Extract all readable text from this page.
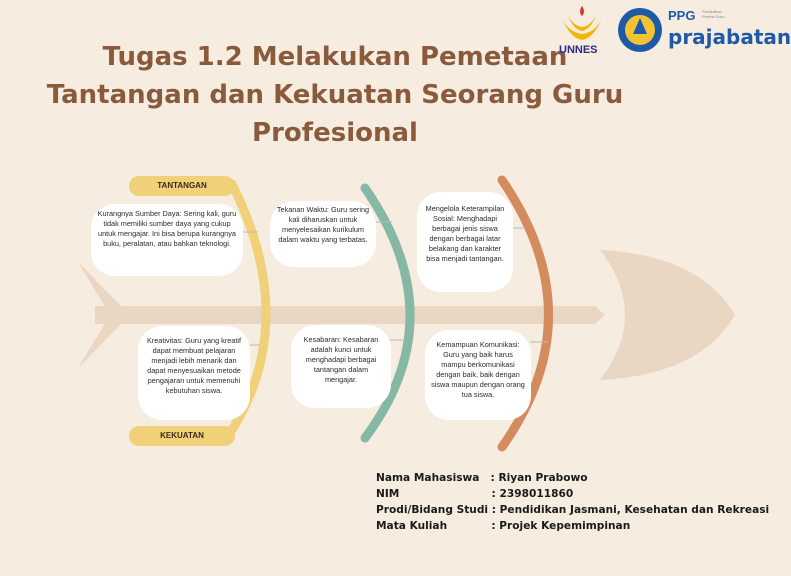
Tugas 1.2 Melakukan Pemetaan
Tantangan dan Kekuatan Seorang Guru
Profesional
UNNES
PPG Pendidikan Profesi Guru
prajabatan
TANTANGAN
KEKUATAN
Kurangnya Sumber Daya: Sering kali, guru tidak memiliki sumber daya yang cukup untuk mengajar. Ini bisa berupa kurangnya buku, peralatan, atau bahkan teknologi.
Tekanan Waktu: Guru sering kali diharuskan untuk menyelesaikan kurikulum dalam waktu yang terbatas.
Mengelola Keterampilan Sosial: Menghadapi berbagai jenis siswa dengan berbagai latar belakang dan karakter bisa menjadi tantangan.
Kreativitas: Guru yang kreatif dapat membuat pelajaran menjadi lebih menarik dan dapat menyesuaikan metode pengajaran untuk memenuhi kebutuhan siswa.
Kesabaran: Kesabaran adalah kunci untuk menghadapi berbagai tantangan dalam mengajar.
Kemampuan Komunikasi: Guru yang baik harus mampu berkomunikasi dengan baik, baik dengan siswa maupun dengan orang tua siswa.
Nama Mahasiswa   : Riyan Prabowo
NIM                         : 2398011860
Prodi/Bidang Studi : Pendidikan Jasmani, Kesehatan dan Rekreasi
Mata Kuliah            : Projek Kepemimpinan
